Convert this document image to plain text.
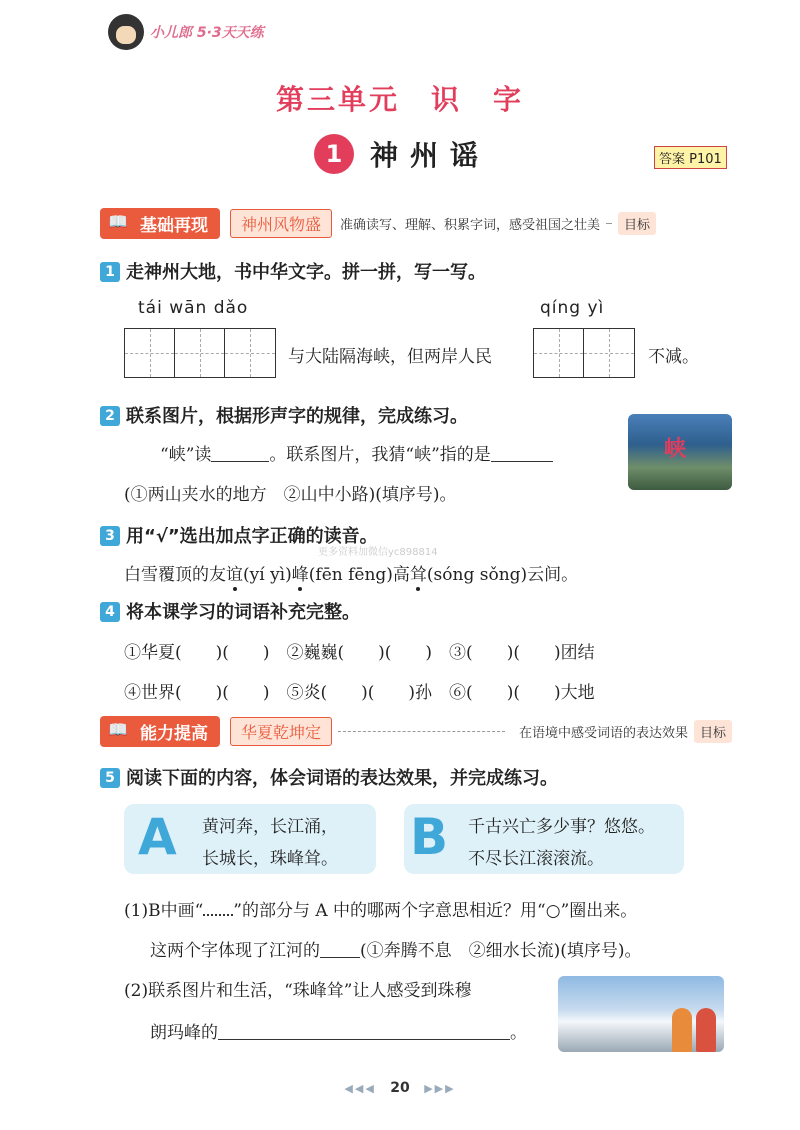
小儿郎 5·3天天练
第三单元　识　字
1 神州谣	答案 P101
📖 基础再现	神州风物盛	准确读写、理解、积累字词，感受祖国之壮美	目标
1 走神州大地，书中华文字。拼一拼，写一写。
tái wān dǎo
与大陆隔海峡，但两岸人民
qíng yì
不减。
2 联系图片，根据形声字的规律，完成练习。
“峡”读	。联系图片，我猜“峡”指的是
(①两山夹水的地方　②山中小路)(填序号)。
峡
3 用“√”选出加点字正确的读音。
更多资料加微信yc898814
白雪覆顶的友谊(yí yì)峰(fēn fēng)高耸(sóng sǒng)云间。
4 将本课学习的词语补充完整。
①华夏(　　)(　　)　②巍巍(　　)(　　)　③(　　)(　　)团结
④世界(　　)(　　)　⑤炎(　　)(　　)孙　⑥(　　)(　　)大地
📖 能力提高	华夏乾坤定	在语境中感受词语的表达效果 目标
5 阅读下面的内容，体会词语的表达效果，并完成练习。
A 黄河奔，长江涌，
长城长，珠峰耸。 B 千古兴亡多少事？悠悠。
不尽长江滚滚流。
(1)B中画“ ”的部分与 A 中的哪两个字意思相近？用“○”圈出来。
这两个字体现了江河的 (①奔腾不息　②细水长流)(填序号)。
(2)联系图片和生活，“珠峰耸”让人感受到珠穆
朗玛峰的	。
◀◀◀ 20 ▶▶▶
